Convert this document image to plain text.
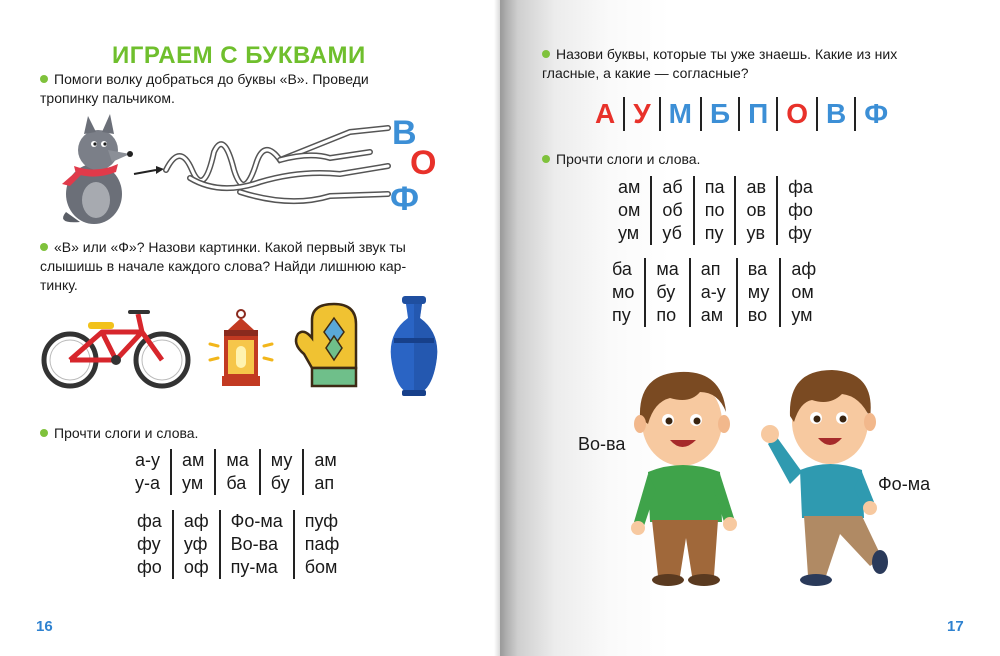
ИГРАЕМ С БУКВАМИ
Помоги волку добраться до буквы «В». Проведи
тропинку пальчиком.
В
О
Ф
«В» или «Ф»? Назови картинки. Какой первый звук ты
слышишь в начале каждого слова? Найди лишнюю кар-
тинку.
Прочти слоги и слова.
а-у
у-а
ам
ум
ма
ба
му
бу
ам
ап
фа
фу
фо
аф
уф
оф
Фо-ма
Во-ва
пу-ма
пуф
паф
бом
16
Назови буквы, которые ты уже знаешь. Какие из них
гласные, а какие — согласные?
А У М Б П О В Ф
Прочти слоги и слова.
ам
ом
ум
аб
об
уб
па
по
пу
ав
ов
ув
фа
фо
фу
ба
мо
пу
ма
бу
по
ап
а-у
ам
ва
му
во
аф
ом
ум
Во-ва
Фо-ма
17
